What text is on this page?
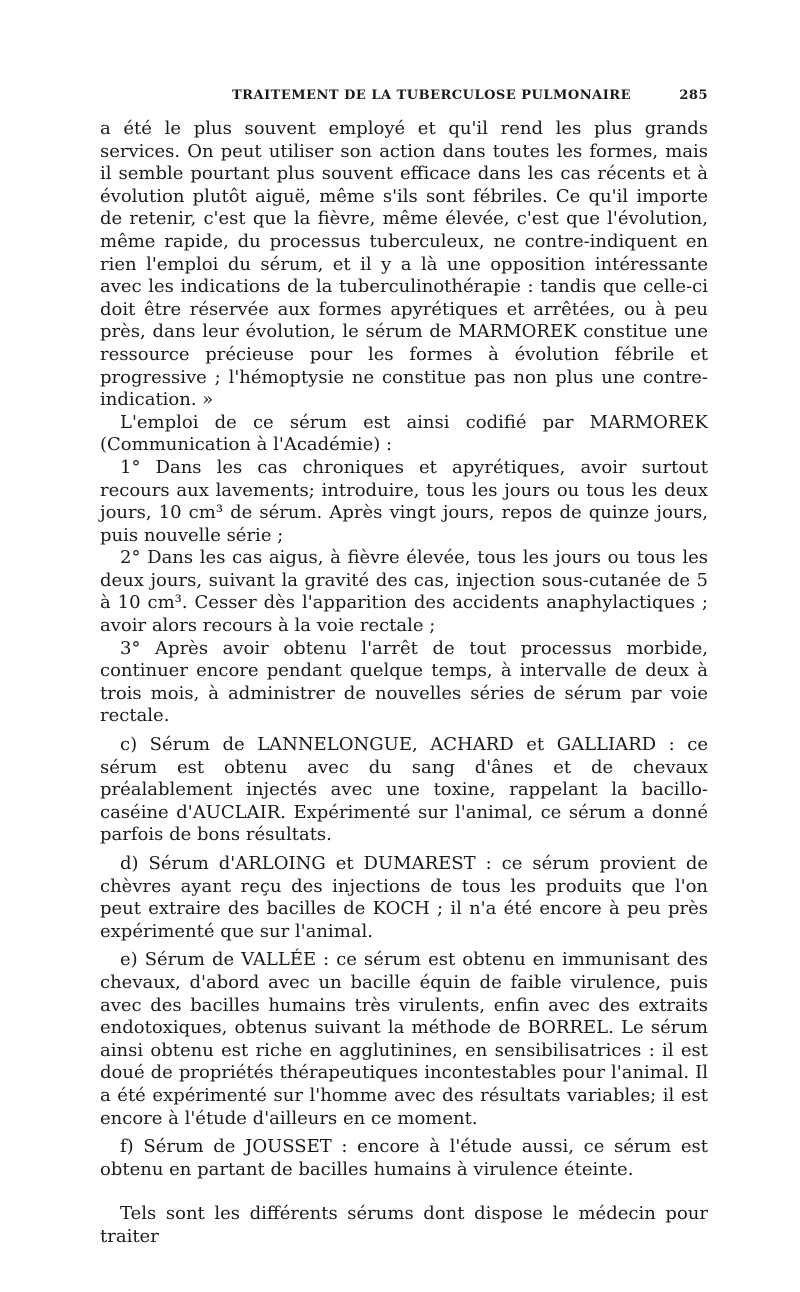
TRAITEMENT DE LA TUBERCULOSE PULMONAIRE	285

a été le plus souvent employé et qu'il rend les plus grands services. On peut utiliser son action dans toutes les formes, mais il semble pourtant plus souvent efficace dans les cas récents et à évolution plutôt aiguë, même s'ils sont fébriles. Ce qu'il importe de retenir, c'est que la fièvre, même élevée, c'est que l'évolution, même rapide, du processus tuberculeux, ne contre-indiquent en rien l'emploi du sérum, et il y a là une opposition intéressante avec les indications de la tuberculinothérapie : tandis que celle-ci doit être réservée aux formes apyrétiques et arrêtées, ou à peu près, dans leur évolution, le sérum de MARMOREK constitue une ressource précieuse pour les formes à évolution fébrile et progressive ; l'hémoptysie ne constitue pas non plus une contre-indication. »

L'emploi de ce sérum est ainsi codifié par MARMOREK (Communication à l'Académie) :

1° Dans les cas chroniques et apyrétiques, avoir surtout recours aux lavements; introduire, tous les jours ou tous les deux jours, 10 cm³ de sérum. Après vingt jours, repos de quinze jours, puis nouvelle série ;

2° Dans les cas aigus, à fièvre élevée, tous les jours ou tous les deux jours, suivant la gravité des cas, injection sous-cutanée de 5 à 10 cm³. Cesser dès l'apparition des accidents anaphylactiques ; avoir alors recours à la voie rectale ;

3° Après avoir obtenu l'arrêt de tout processus morbide, continuer encore pendant quelque temps, à intervalle de deux à trois mois, à administrer de nouvelles séries de sérum par voie rectale.

c) Sérum de LANNELONGUE, ACHARD et GALLIARD : ce sérum est obtenu avec du sang d'ânes et de chevaux préalablement injectés avec une toxine, rappelant la bacillo-caséine d'AUCLAIR. Expérimenté sur l'animal, ce sérum a donné parfois de bons résultats.

d) Sérum d'ARLOING et DUMAREST : ce sérum provient de chèvres ayant reçu des injections de tous les produits que l'on peut extraire des bacilles de KOCH ; il n'a été encore à peu près expérimenté que sur l'animal.

e) Sérum de VALLÉE : ce sérum est obtenu en immunisant des chevaux, d'abord avec un bacille équin de faible virulence, puis avec des bacilles humains très virulents, enfin avec des extraits endotoxiques, obtenus suivant la méthode de BORREL. Le sérum ainsi obtenu est riche en agglutinines, en sensibilisatrices : il est doué de propriétés thérapeutiques incontestables pour l'animal. Il a été expérimenté sur l'homme avec des résultats variables; il est encore à l'étude d'ailleurs en ce moment.

f) Sérum de JOUSSET : encore à l'étude aussi, ce sérum est obtenu en partant de bacilles humains à virulence éteinte.

Tels sont les différents sérums dont dispose le médecin pour traiter
